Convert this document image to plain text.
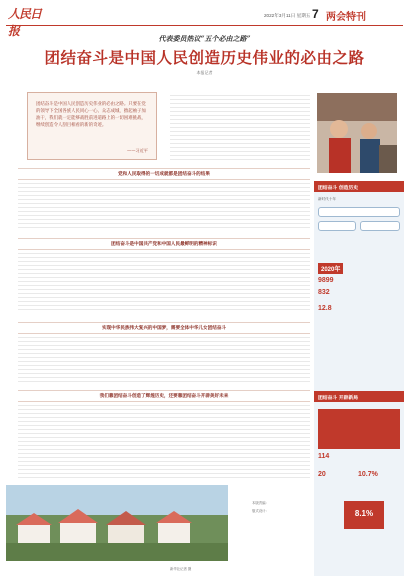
人民日报
2022年3月11日 星期五 7 两会特刊
代表委员热议“五个必由之路”
团结奋斗是中国人民创造历史伟业的必由之路
本报记者
团结奋斗是中国人民创造历史伟业的必由之路。只要在党的领导下全国各族人民同心一心、众志成城，撸起袖子加油干，我们就一定能够战胜前进道路上的一切困难挑战，继续创造令人刮目相看的新的奇迹。
——习近平
党和人民取得的一切成就都是团结奋斗的结果
团结奋斗是中国共产党和中国人民最鲜明的精神标识
实现中华民族伟大复兴的中国梦，需要全体中华儿女团结奋斗
我们靠团结奋斗创造了辉煌历史，还要靠团结奋斗开辟美好未来
团结奋斗 创造历史
新时代十年
2020年
9899
832
12.8
团结奋斗 开辟新局
114
20	10.7%
8.1%
新华社记者 摄
本版责编：
版式设计：
